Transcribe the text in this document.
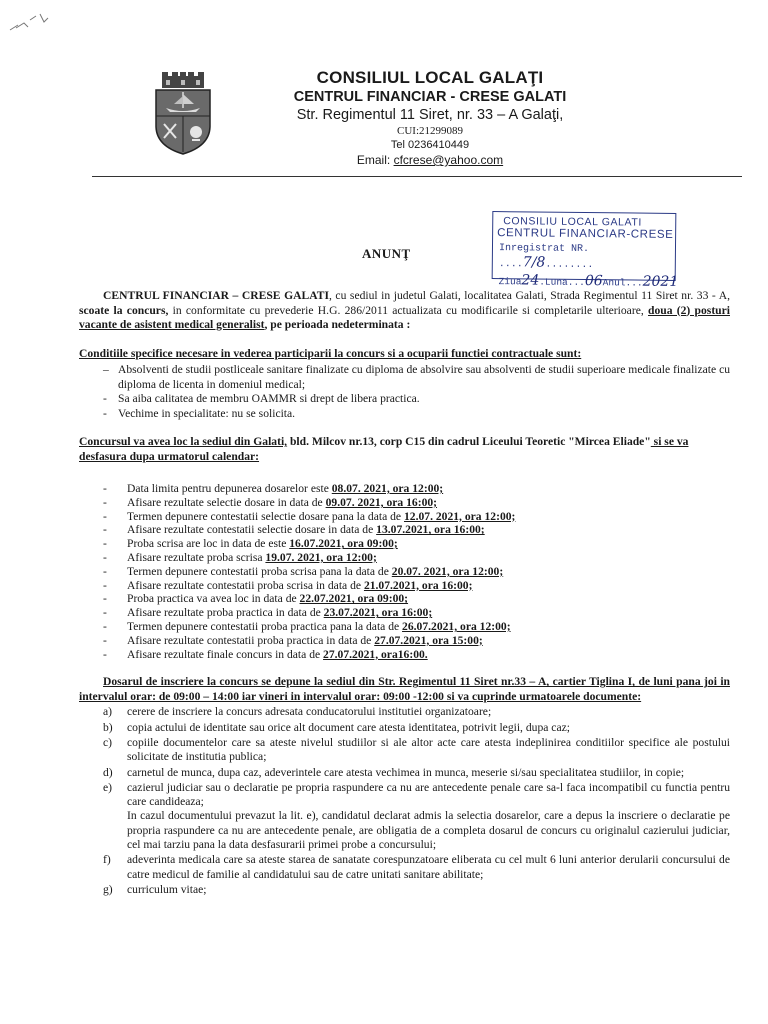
CONSILIUL LOCAL GALAŢI
CENTRUL FINANCIAR - CRESE GALATI
Str. Regimentul 11 Siret, nr. 33 – A Galaţi,
CUI:21299089
Tel 0236410449
Email: cfcrese@yahoo.com
CONSILIU LOCAL GALATI
CENTRUL FINANCIAR-CRESE
Inregistrat NR. ....7/8........
Ziua24.Luna...06Anul...2021
ANUNŢ

CENTRUL FINANCIAR – CRESE GALATI, cu sediul in judetul Galati, localitatea Galati, Strada Regimentul 11 Siret nr. 33 - A, scoate la concurs, in conformitate cu prevederie H.G. 286/2011 actualizata cu modificarile si completarile ulterioare, doua (2) posturi vacante de asistent medical generalist, pe perioada nedeterminata :

Conditiile specifice necesare in vederea participarii la concurs si a ocuparii functiei contractuale sunt:
– Absolventi de studii postliceale sanitare finalizate cu diploma de absolvire sau absolventi de studii superioare medicale finalizate cu diploma de licenta in domeniul medical;
- Sa aiba calitatea de membru OAMMR si drept de libera practica.
- Vechime in specialitate: nu se solicita.
Concursul va avea loc la sediul din Galati, bld. Milcov nr.13, corp C15 din cadrul Liceului Teoretic "Mircea Eliade" si se va desfasura dupa urmatorul calendar:
- Data limita pentru depunerea dosarelor este 08.07. 2021, ora 12:00;
- Afisare rezultate selectie dosare in data de 09.07. 2021, ora 16:00;
- Termen depunere contestatii selectie dosare pana la data de 12.07. 2021, ora 12:00;
- Afisare rezultate contestatii selectie dosare in data de 13.07.2021, ora 16:00;
- Proba scrisa are loc in data de este 16.07.2021, ora 09:00;
- Afisare rezultate proba scrisa 19.07. 2021, ora 12:00;
- Termen depunere contestatii proba scrisa pana la data de 20.07. 2021, ora 12:00;
- Afisare rezultate contestatii proba scrisa in data de 21.07.2021, ora 16:00;
- Proba practica va avea loc in data de 22.07.2021, ora 09:00;
- Afisare rezultate proba practica in data de 23.07.2021, ora 16:00;
- Termen depunere contestatii proba practica pana la data de 26.07.2021, ora 12:00;
- Afisare rezultate contestatii proba practica in data de 27.07.2021, ora 15:00;
- Afisare rezultate finale concurs in data de 27.07.2021, ora16:00.
Dosarul de inscriere la concurs se depune la sediul din Str. Regimentul 11 Siret nr.33 – A, cartier Tiglina I, de luni pana joi in intervalul orar: de 09:00 – 14:00 iar vineri in intervalul orar: 09:00 -12:00 si va cuprinde urmatoarele documente:
a) cerere de inscriere la concurs adresata conducatorului institutiei organizatoare;
b) copia actului de identitate sau orice alt document care atesta identitatea, potrivit legii, dupa caz;
c) copiile documentelor care sa ateste nivelul studiilor si ale altor acte care atesta indeplinirea conditiilor specifice ale postului solicitate de institutia publica;
d) carnetul de munca, dupa caz, adeverintele care atesta vechimea in munca, meserie si/sau specialitatea studiilor, in copie;
e) cazierul judiciar sau o declaratie pe propria raspundere ca nu are antecedente penale care sa-l faca incompatibil cu functia pentru care candideaza;
In cazul documentului prevazut la lit. e), candidatul declarat admis la selectia dosarelor, care a depus la inscriere o declaratie pe propria raspundere ca nu are antecedente penale, are obligatia de a completa dosarul de concurs cu originalul cazierului judiciar, cel mai tarziu pana la data desfasurarii primei probe a concursului;
f) adeverinta medicala care sa ateste starea de sanatate corespunzatoare eliberata cu cel mult 6 luni anterior derularii concursului de catre medicul de familie al candidatului sau de catre unitati sanitare abilitate;
g) curriculum vitae;
